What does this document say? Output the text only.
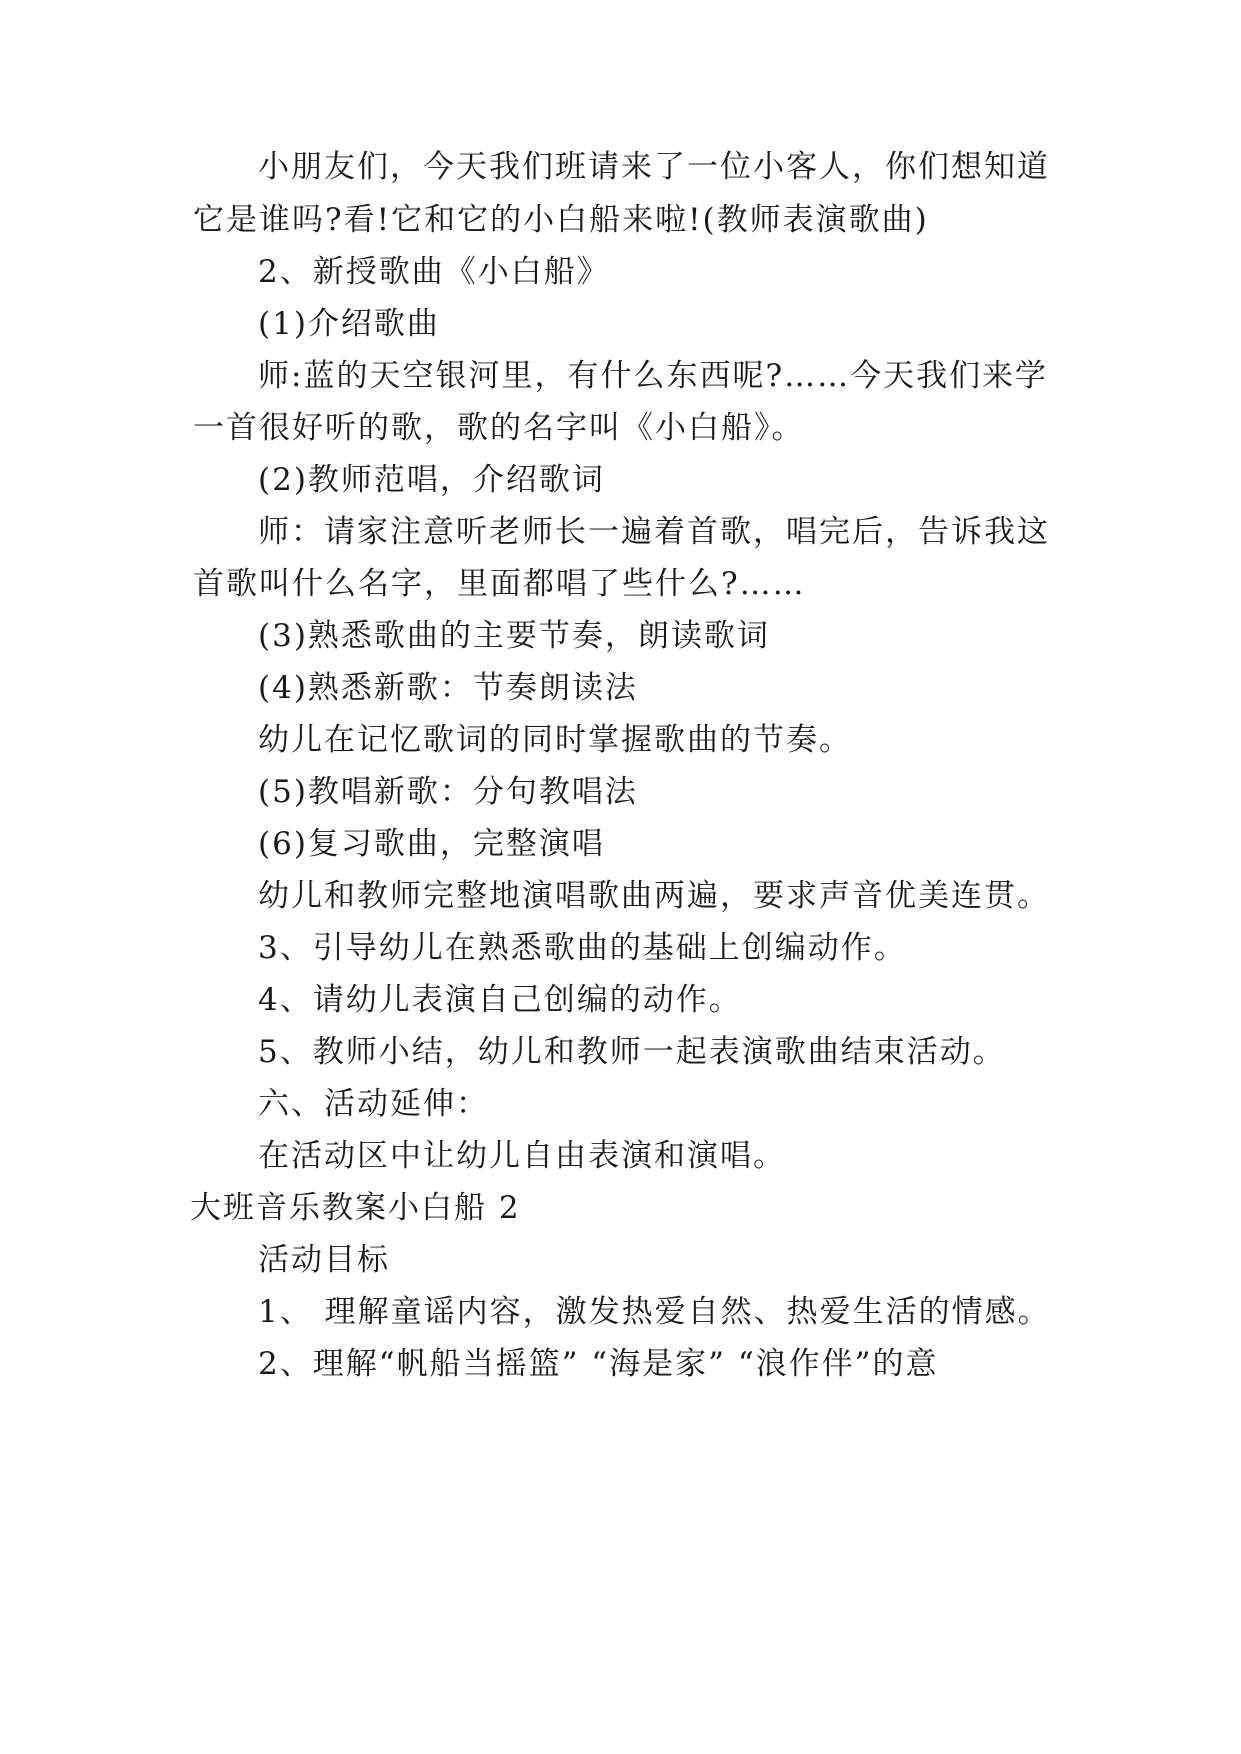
小朋友们，今天我们班请来了一位小客人，你们想知道
它是谁吗?看!它和它的小白船来啦!(教师表演歌曲)
2、新授歌曲《小白船》
(1)介绍歌曲
师:蓝的天空银河里，有什么东西呢?……今天我们来学
一首很好听的歌，歌的名字叫《小白船》。
(2)教师范唱，介绍歌词
师：请家注意听老师长一遍着首歌，唱完后，告诉我这
首歌叫什么名字，里面都唱了些什么?……
(3)熟悉歌曲的主要节奏，朗读歌词
(4)熟悉新歌：节奏朗读法
幼儿在记忆歌词的同时掌握歌曲的节奏。
(5)教唱新歌：分句教唱法
(6)复习歌曲，完整演唱
幼儿和教师完整地演唱歌曲两遍，要求声音优美连贯。
3、引导幼儿在熟悉歌曲的基础上创编动作。
4、请幼儿表演自己创编的动作。
5、教师小结，幼儿和教师一起表演歌曲结束活动。
六、活动延伸：
在活动区中让幼儿自由表演和演唱。
大班音乐教案小白船 2
活动目标
1、 理解童谣内容，激发热爱自然、热爱生活的情感。
2、理解“帆船当摇篮” “海是家” “浪作伴”的意
